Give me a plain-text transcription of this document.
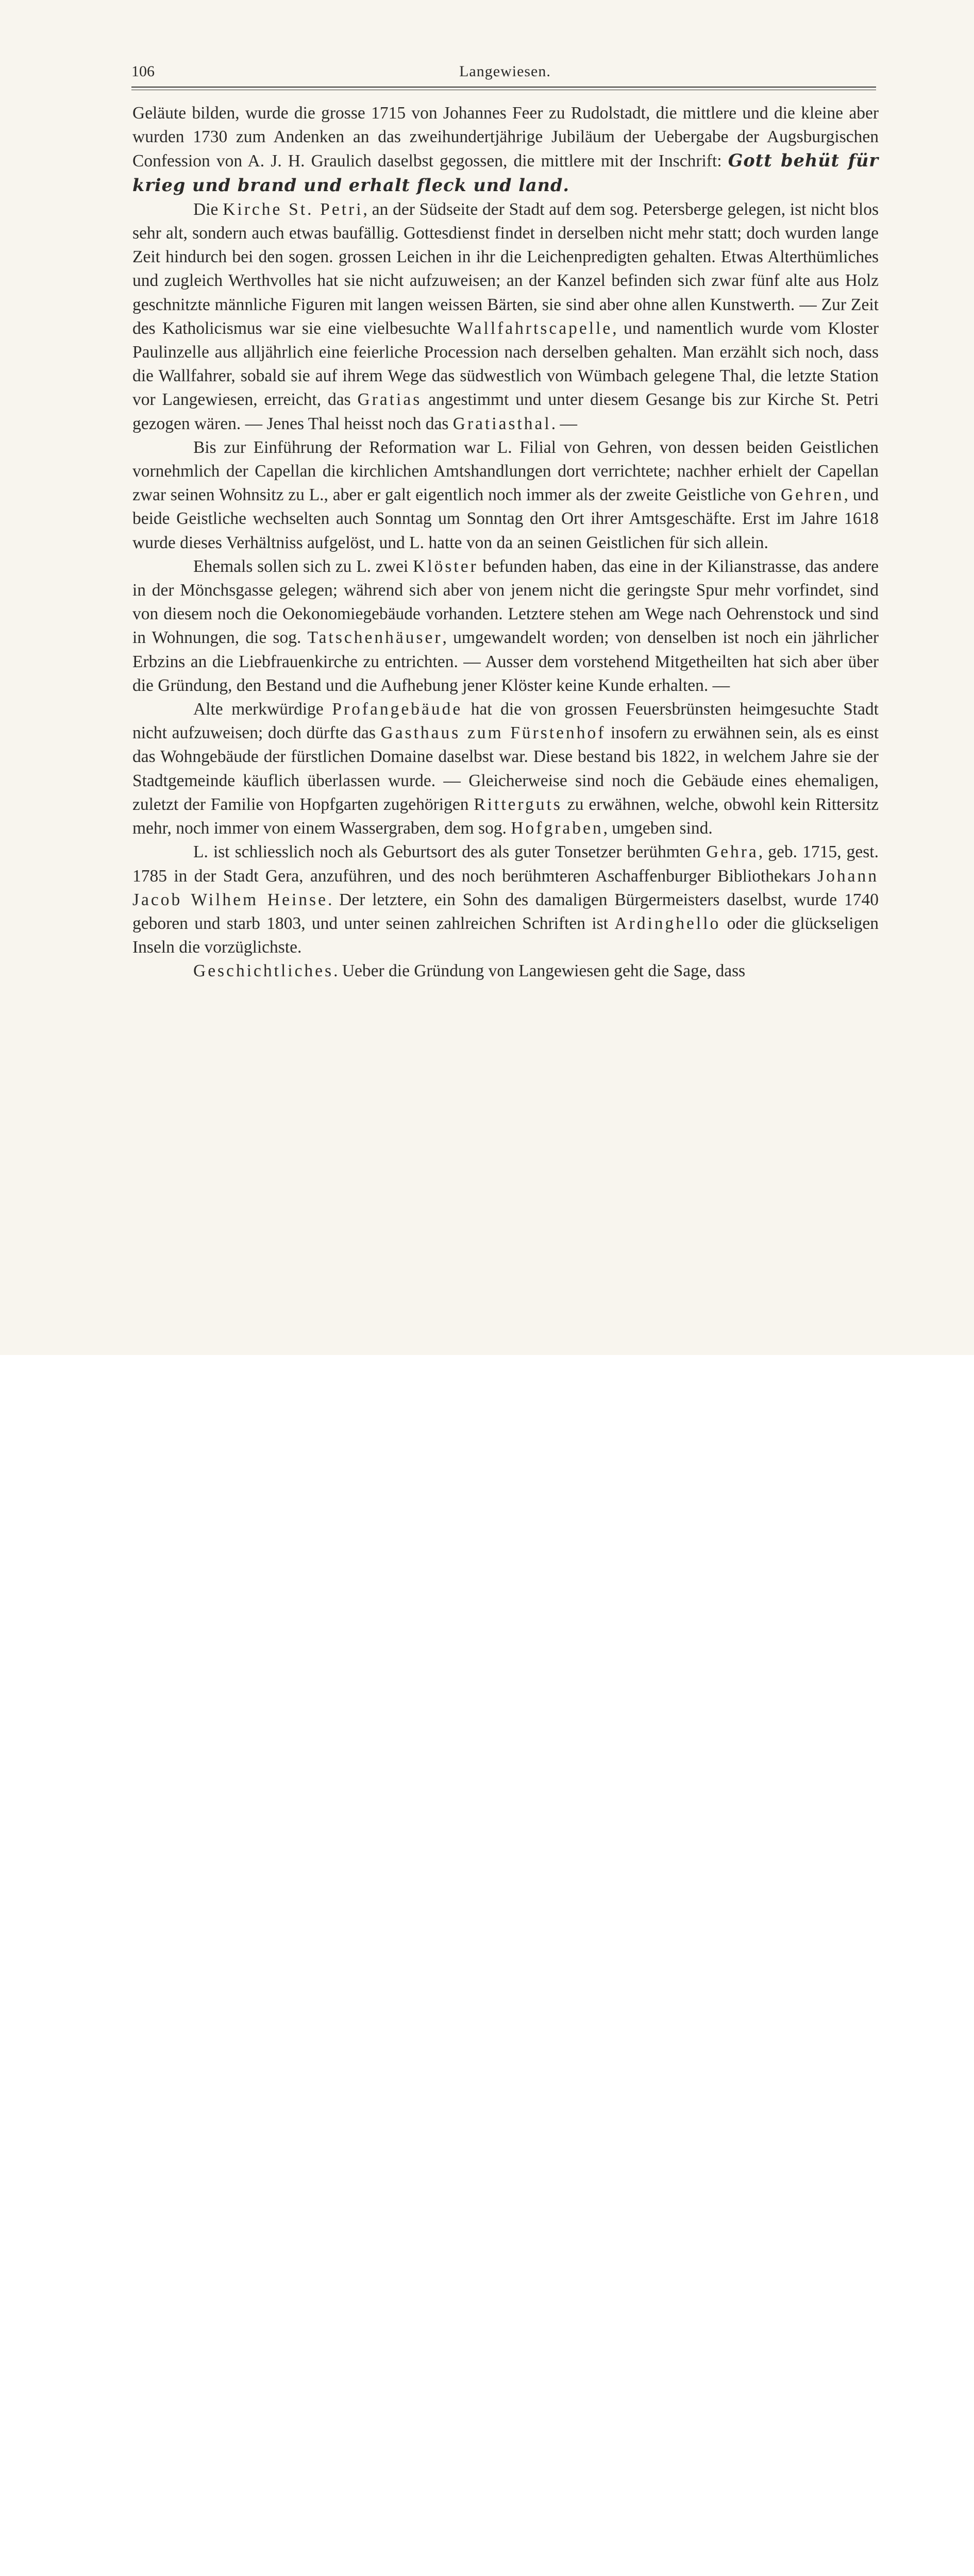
106	Langewiesen.

Geläute bilden, wurde die grosse 1715 von Johannes Feer zu Rudolstadt, die mittlere und die kleine aber wurden 1730 zum Andenken an das zweihundertjährige Jubiläum der Uebergabe der Augsburgischen Confession von A. J. H. Graulich daselbst gegossen, die mittlere mit der Inschrift: Gott behüt für krieg und brand und erhalt fleck und land.

Die Kirche St. Petri, an der Südseite der Stadt auf dem sog. Petersberge gelegen, ist nicht blos sehr alt, sondern auch etwas baufällig. Gottesdienst findet in derselben nicht mehr statt; doch wurden lange Zeit hindurch bei den sogen. grossen Leichen in ihr die Leichenpredigten gehalten. Etwas Alterthümliches und zugleich Werthvolles hat sie nicht aufzuweisen; an der Kanzel befinden sich zwar fünf alte aus Holz geschnitzte männliche Figuren mit langen weissen Bärten, sie sind aber ohne allen Kunstwerth. — Zur Zeit des Katholicismus war sie eine vielbesuchte Wallfahrtscapelle, und namentlich wurde vom Kloster Paulinzelle aus alljährlich eine feierliche Procession nach derselben gehalten. Man erzählt sich noch, dass die Wallfahrer, sobald sie auf ihrem Wege das südwestlich von Wümbach gelegene Thal, die letzte Station vor Langewiesen, erreicht, das Gratias angestimmt und unter diesem Gesange bis zur Kirche St. Petri gezogen wären. — Jenes Thal heisst noch das Gratiasthal. —

Bis zur Einführung der Reformation war L. Filial von Gehren, von dessen beiden Geistlichen vornehmlich der Capellan die kirchlichen Amtshandlungen dort verrichtete; nachher erhielt der Capellan zwar seinen Wohnsitz zu L., aber er galt eigentlich noch immer als der zweite Geistliche von Gehren, und beide Geistliche wechselten auch Sonntag um Sonntag den Ort ihrer Amtsgeschäfte. Erst im Jahre 1618 wurde dieses Verhältniss aufgelöst, und L. hatte von da an seinen Geistlichen für sich allein.

Ehemals sollen sich zu L. zwei Klöster befunden haben, das eine in der Kilianstrasse, das andere in der Mönchsgasse gelegen; während sich aber von jenem nicht die geringste Spur mehr vorfindet, sind von diesem noch die Oekonomiegebäude vorhanden. Letztere stehen am Wege nach Oehrenstock und sind in Wohnungen, die sog. Tatschenhäuser, umgewandelt worden; von denselben ist noch ein jährlicher Erbzins an die Liebfrauenkirche zu entrichten. — Ausser dem vorstehend Mitgetheilten hat sich aber über die Gründung, den Bestand und die Aufhebung jener Klöster keine Kunde erhalten. —

Alte merkwürdige Profangebäude hat die von grossen Feuersbrünsten heimgesuchte Stadt nicht aufzuweisen; doch dürfte das Gasthaus zum Fürstenhof insofern zu erwähnen sein, als es einst das Wohngebäude der fürstlichen Domaine daselbst war. Diese bestand bis 1822, in welchem Jahre sie der Stadtgemeinde käuflich überlassen wurde. — Gleicherweise sind noch die Gebäude eines ehemaligen, zuletzt der Familie von Hopfgarten zugehörigen Ritterguts zu erwähnen, welche, obwohl kein Rittersitz mehr, noch immer von einem Wassergraben, dem sog. Hofgraben, umgeben sind.

L. ist schliesslich noch als Geburtsort des als guter Tonsetzer berühmten Gehra, geb. 1715, gest. 1785 in der Stadt Gera, anzuführen, und des noch berühmteren Aschaffenburger Bibliothekars Johann Jacob Wilhem Heinse. Der letztere, ein Sohn des damaligen Bürgermeisters daselbst, wurde 1740 geboren und starb 1803, und unter seinen zahlreichen Schriften ist Ardinghello oder die glückseligen Inseln die vorzüglichste.

Geschichtliches. Ueber die Gründung von Langewiesen geht die Sage, dass
